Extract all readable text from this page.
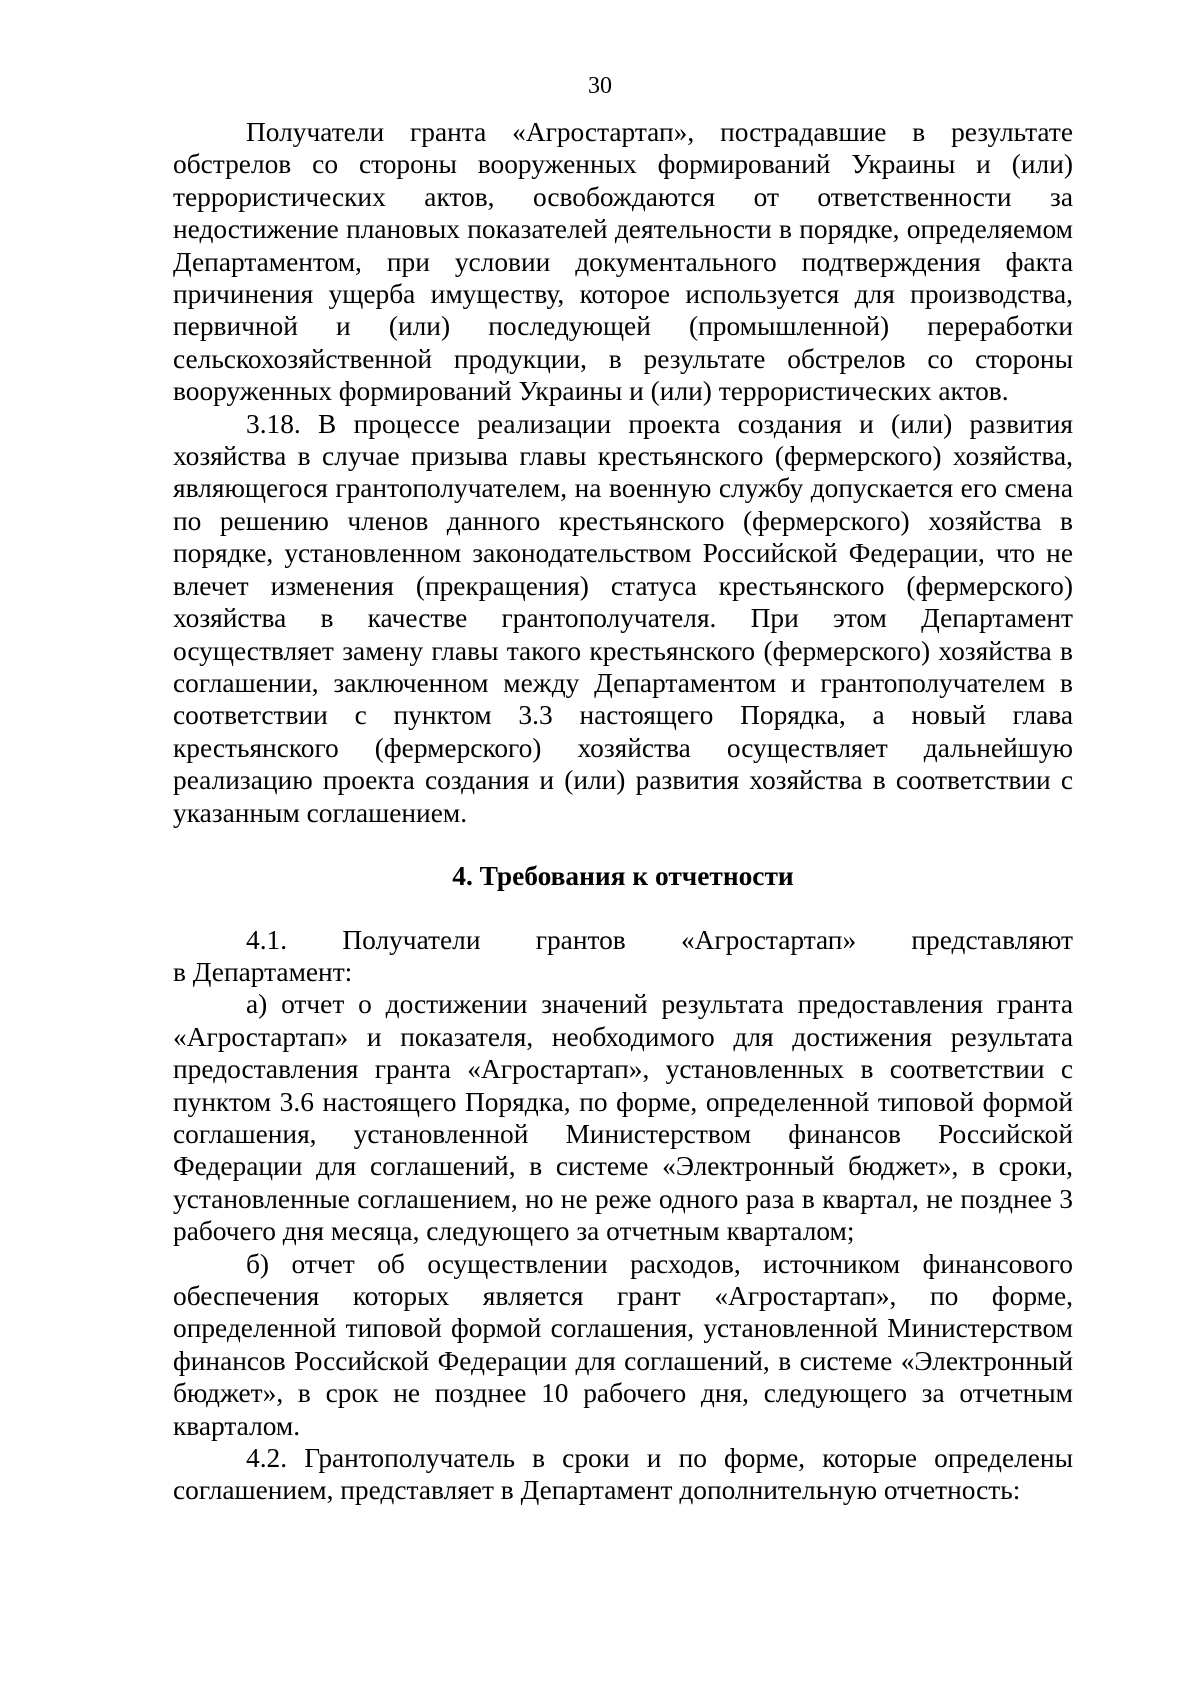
30

Получатели гранта «Агростартап», пострадавшие в результате обстрелов со стороны вооруженных формирований Украины и (или) террористических актов, освобождаются от ответственности за недостижение плановых показателей деятельности в порядке, определяемом Департаментом, при условии документального подтверждения факта причинения ущерба имуществу, которое используется для производства, первичной и (или) последующей (промышленной) переработки сельскохозяйственной продукции, в результате обстрелов со стороны вооруженных формирований Украины и (или) террористических актов.

3.18. В процессе реализации проекта создания и (или) развития хозяйства в случае призыва главы крестьянского (фермерского) хозяйства, являющегося грантополучателем, на военную службу допускается его смена по решению членов данного крестьянского (фермерского) хозяйства в порядке, установленном законодательством Российской Федерации, что не влечет изменения (прекращения) статуса крестьянского (фермерского) хозяйства в качестве грантополучателя. При этом Департамент осуществляет замену главы такого крестьянского (фермерского) хозяйства в соглашении, заключенном между Департаментом и грантополучателем в соответствии с пунктом 3.3 настоящего Порядка, а новый глава крестьянского (фермерского) хозяйства осуществляет дальнейшую реализацию проекта создания и (или) развития хозяйства в соответствии с указанным соглашением.

4. Требования к отчетности

4.1. Получатели грантов «Агростартап» представляют

в Департамент:

а) отчет о достижении значений результата предоставления гранта «Агростартап» и показателя, необходимого для достижения результата предоставления гранта «Агростартап», установленных в соответствии с пунктом 3.6 настоящего Порядка, по форме, определенной типовой формой соглашения, установленной Министерством финансов Российской Федерации для соглашений, в системе «Электронный бюджет», в сроки, установленные соглашением, но не реже одного раза в квартал, не позднее 3 рабочего дня месяца, следующего за отчетным кварталом;

б) отчет об осуществлении расходов, источником финансового обеспечения которых является грант «Агростартап», по форме, определенной типовой формой соглашения, установленной Министерством финансов Российской Федерации для соглашений, в системе «Электронный бюджет», в срок не позднее 10 рабочего дня, следующего за отчетным кварталом.

4.2. Грантополучатель в сроки и по форме, которые определены соглашением, представляет в Департамент дополнительную отчетность:
